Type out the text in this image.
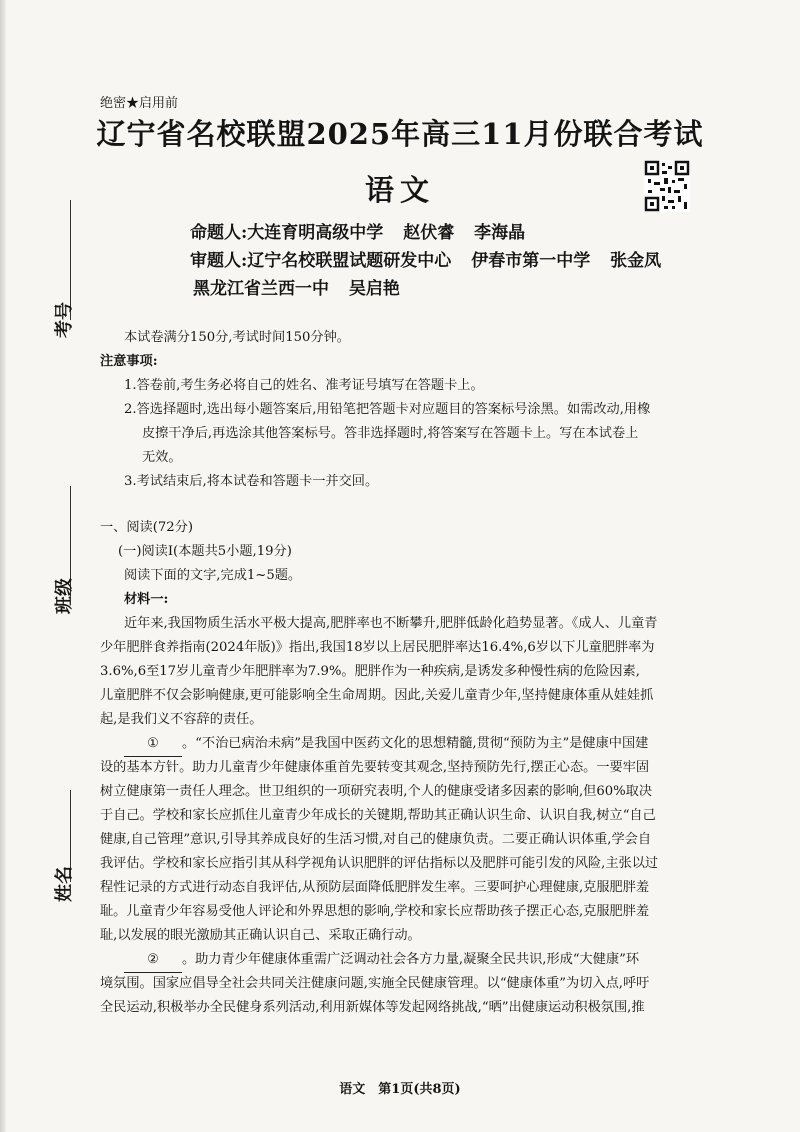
绝密★启用前
辽宁省名校联盟2025年高三11月份联合考试
语文
命题人:大连育明高级中学 赵伏睿 李海晶
审题人:辽宁名校联盟试题研发中心 伊春市第一中学 张金凤
黑龙江省兰西一中 吴启艳
考号
班级
姓名
本试卷满分150分,考试时间150分钟。
注意事项:
1.答卷前,考生务必将自己的姓名、准考证号填写在答题卡上。
2.答选择题时,选出每小题答案后,用铅笔把答题卡对应题目的答案标号涂黑。如需改动,用橡
皮擦干净后,再选涂其他答案标号。答非选择题时,将答案写在答题卡上。写在本试卷上
无效。
3.考试结束后,将本试卷和答题卡一并交回。
一、阅读(72分)
(一)阅读Ⅰ(本题共5小题,19分)
阅读下面的文字,完成1~5题。
材料一:
近年来,我国物质生活水平极大提高,肥胖率也不断攀升,肥胖低龄化趋势显著。《成人、儿童青
少年肥胖食养指南(2024年版)》指出,我国18岁以上居民肥胖率达16.4%,6岁以下儿童肥胖率为
3.6%,6至17岁儿童青少年肥胖率为7.9%。肥胖作为一种疾病,是诱发多种慢性病的危险因素,
儿童肥胖不仅会影响健康,更可能影响全生命周期。因此,关爱儿童青少年,坚持健康体重从娃娃抓
起,是我们义不容辞的责任。
① 。“不治已病治未病”是我国中医药文化的思想精髓,贯彻“预防为主”是健康中国建
设的基本方针。助力儿童青少年健康体重首先要转变其观念,坚持预防先行,摆正心态。一要牢固
树立健康第一责任人理念。世卫组织的一项研究表明,个人的健康受诸多因素的影响,但60%取决
于自己。学校和家长应抓住儿童青少年成长的关键期,帮助其正确认识生命、认识自我,树立“自己
健康,自己管理”意识,引导其养成良好的生活习惯,对自己的健康负责。二要正确认识体重,学会自
我评估。学校和家长应指引其从科学视角认识肥胖的评估指标以及肥胖可能引发的风险,主张以过
程性记录的方式进行动态自我评估,从预防层面降低肥胖发生率。三要呵护心理健康,克服肥胖羞
耻。儿童青少年容易受他人评论和外界思想的影响,学校和家长应帮助孩子摆正心态,克服肥胖羞
耻,以发展的眼光激励其正确认识自己、采取正确行动。
② 。助力青少年健康体重需广泛调动社会各方力量,凝聚全民共识,形成“大健康”环
境氛围。国家应倡导全社会共同关注健康问题,实施全民健康管理。以“健康体重”为切入点,呼吁
全民运动,积极举办全民健身系列活动,利用新媒体等发起网络挑战,“晒”出健康运动积极氛围,推
语文　第1页(共8页)
